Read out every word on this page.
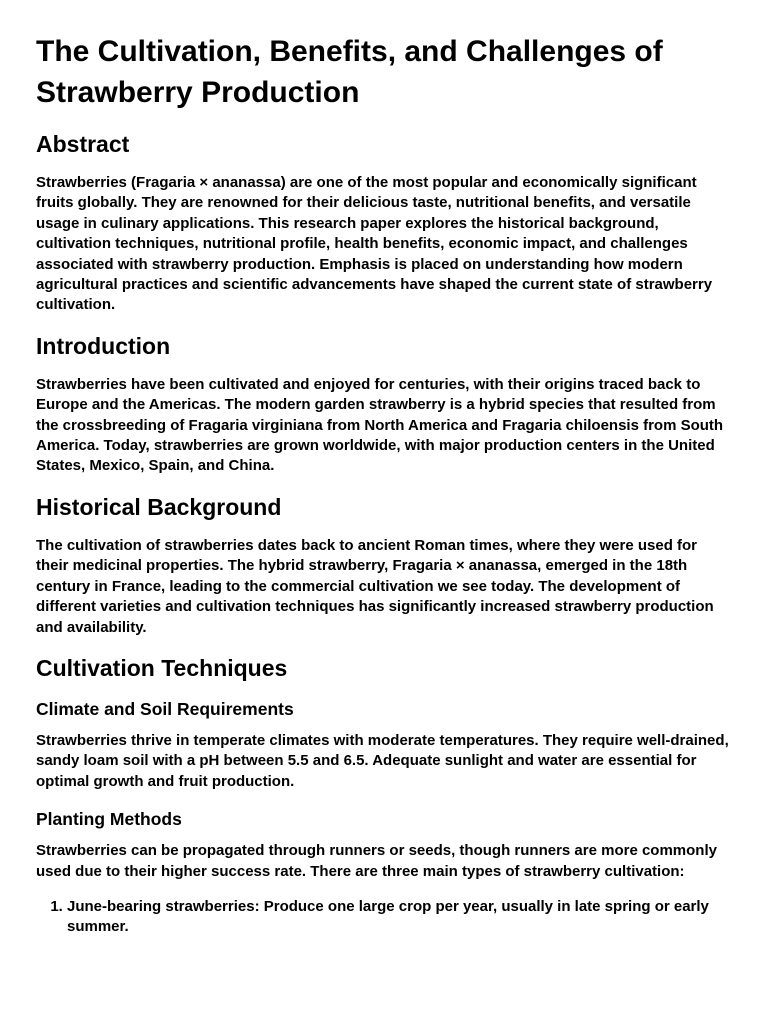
The Cultivation, Benefits, and Challenges of Strawberry Production
Abstract

Strawberries (Fragaria × ananassa) are one of the most popular and economically significant fruits globally. They are renowned for their delicious taste, nutritional benefits, and versatile usage in culinary applications. This research paper explores the historical background, cultivation techniques, nutritional profile, health benefits, economic impact, and challenges associated with strawberry production. Emphasis is placed on understanding how modern agricultural practices and scientific advancements have shaped the current state of strawberry cultivation.

Introduction

Strawberries have been cultivated and enjoyed for centuries, with their origins traced back to Europe and the Americas. The modern garden strawberry is a hybrid species that resulted from the crossbreeding of Fragaria virginiana from North America and Fragaria chiloensis from South America. Today, strawberries are grown worldwide, with major production centers in the United States, Mexico, Spain, and China.

Historical Background

The cultivation of strawberries dates back to ancient Roman times, where they were used for their medicinal properties. The hybrid strawberry, Fragaria × ananassa, emerged in the 18th century in France, leading to the commercial cultivation we see today. The development of different varieties and cultivation techniques has significantly increased strawberry production and availability.

Cultivation Techniques
Climate and Soil Requirements

Strawberries thrive in temperate climates with moderate temperatures. They require well-drained, sandy loam soil with a pH between 5.5 and 6.5. Adequate sunlight and water are essential for optimal growth and fruit production.

Planting Methods

Strawberries can be propagated through runners or seeds, though runners are more commonly used due to their higher success rate. There are three main types of strawberry cultivation:

1. June-bearing strawberries: Produce one large crop per year, usually in late spring or early summer.
